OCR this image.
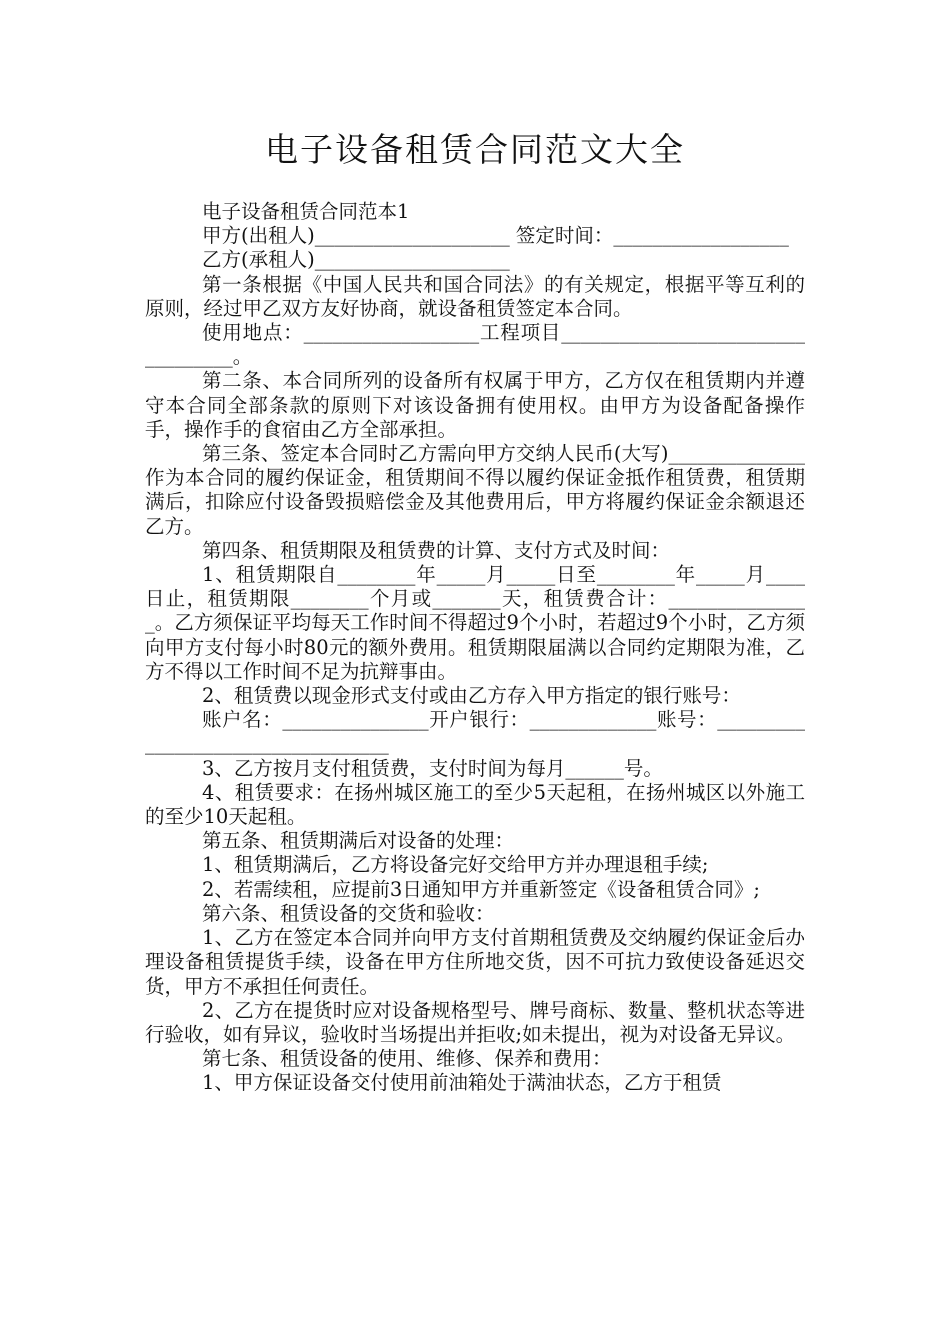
电子设备租赁合同范文大全

电子设备租赁合同范本1

甲方(出租人)____________________ 签定时间：__________________

乙方(承租人)____________________

第一条根据《中国人民共和国合同法》的有关规定，根据平等互利的原则，经过甲乙双方友好协商，就设备租赁签定本合同。

使用地点：__________________工程项目__________________________________。

第二条、本合同所列的设备所有权属于甲方，乙方仅在租赁期内并遵守本合同全部条款的原则下对该设备拥有使用权。由甲方为设备配备操作手，操作手的食宿由乙方全部承担。

第三条、签定本合同时乙方需向甲方交纳人民币(大写)______________作为本合同的履约保证金，租赁期间不得以履约保证金抵作租赁费，租赁期满后，扣除应付设备毁损赔偿金及其他费用后，甲方将履约保证金余额退还乙方。

第四条、租赁期限及租赁费的计算、支付方式及时间：

1、租赁期限自________年_____月_____日至________年_____月____日止，租赁期限________个月或_______天，租赁费合计：_______________。乙方须保证平均每天工作时间不得超过9个小时，若超过9个小时，乙方须向甲方支付每小时80元的额外费用。租赁期限届满以合同约定期限为准，乙方不得以工作时间不足为抗辩事由。

2、租赁费以现金形式支付或由乙方存入甲方指定的银行账号：

账户名：_______________开户银行：_____________账号：__________________________________

3、乙方按月支付租赁费，支付时间为每月______号。

4、租赁要求：在扬州城区施工的至少5天起租，在扬州城区以外施工的至少10天起租。

第五条、租赁期满后对设备的处理：

1、租赁期满后，乙方将设备完好交给甲方并办理退租手续;

2、若需续租，应提前3日通知甲方并重新签定《设备租赁合同》;

第六条、租赁设备的交货和验收：

1、乙方在签定本合同并向甲方支付首期租赁费及交纳履约保证金后办理设备租赁提货手续，设备在甲方住所地交货，因不可抗力致使设备延迟交货，甲方不承担任何责任。

2、乙方在提货时应对设备规格型号、牌号商标、数量、整机状态等进行验收，如有异议，验收时当场提出并拒收;如未提出，视为对设备无异议。

第七条、租赁设备的使用、维修、保养和费用：

1、甲方保证设备交付使用前油箱处于满油状态，乙方于租赁
